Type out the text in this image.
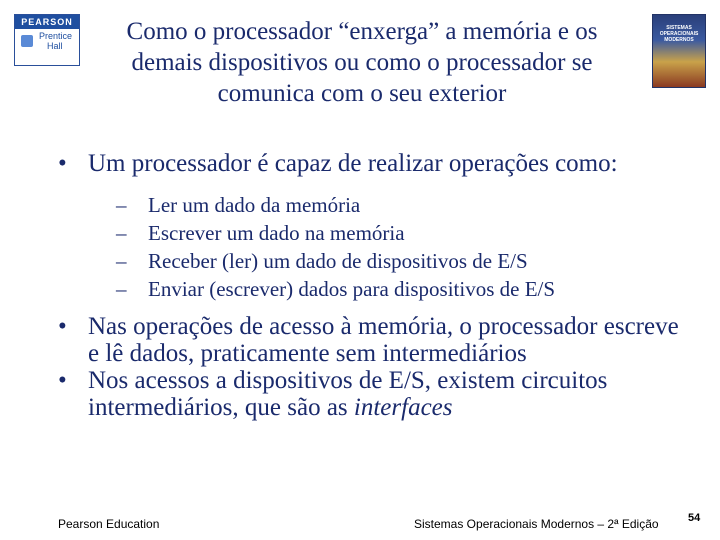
PEARSON
Prentice
Hall
Como o processador “enxerga” a memória e os demais dispositivos ou como o processador se comunica com o seu exterior
SISTEMAS OPERACIONAIS MODERNOS
• Um processador é capaz de realizar operações como:
– Ler um dado da memória
– Escrever um dado na memória
– Receber (ler) um dado de dispositivos de E/S
– Enviar (escrever) dados para dispositivos de E/S
• Nas operações de acesso à memória, o processador escreve e lê dados, praticamente sem intermediários
• Nos acessos a dispositivos de E/S, existem circuitos intermediários, que são as interfaces
Pearson Education	Sistemas Operacionais Modernos – 2ª Edição	54
